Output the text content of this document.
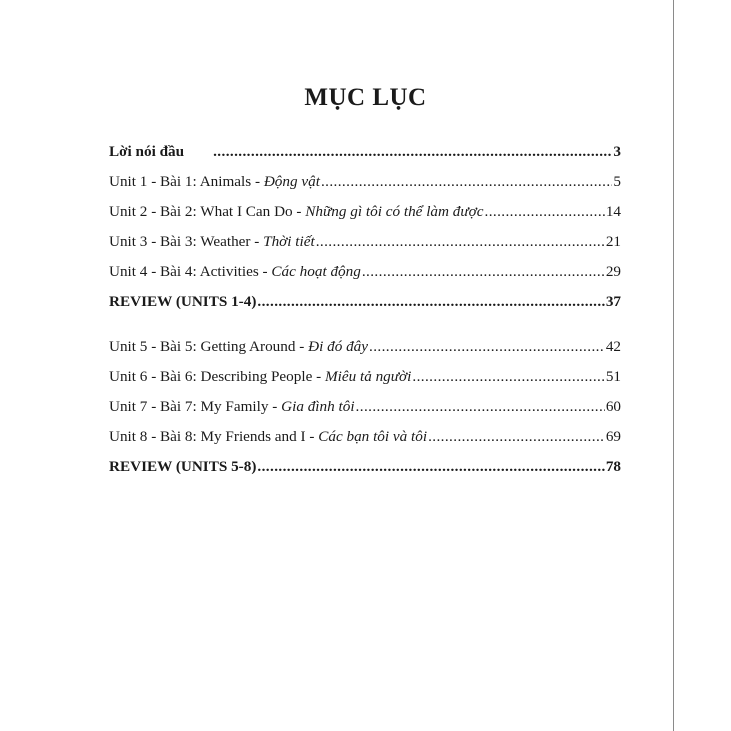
MỤC LỤC
Lời nói đầu .....	3
Unit 1 - Bài 1: Animals - Động vật .....	5
Unit 2 - Bài 2: What I Can Do - Những gì tôi có thể làm được .....	14
Unit 3 - Bài 3: Weather - Thời tiết .....	21
Unit 4 - Bài 4: Activities - Các hoạt động .....	29
REVIEW (UNITS 1-4) .....	37
Unit 5 - Bài 5: Getting Around - Đi đó đây .....	42
Unit 6 - Bài 6: Describing People - Miêu tả người .....	51
Unit 7 - Bài 7: My Family - Gia đình tôi .....	60
Unit 8 - Bài 8: My Friends and I - Các bạn tôi và tôi .....	69
REVIEW (UNITS 5-8) .....	78
